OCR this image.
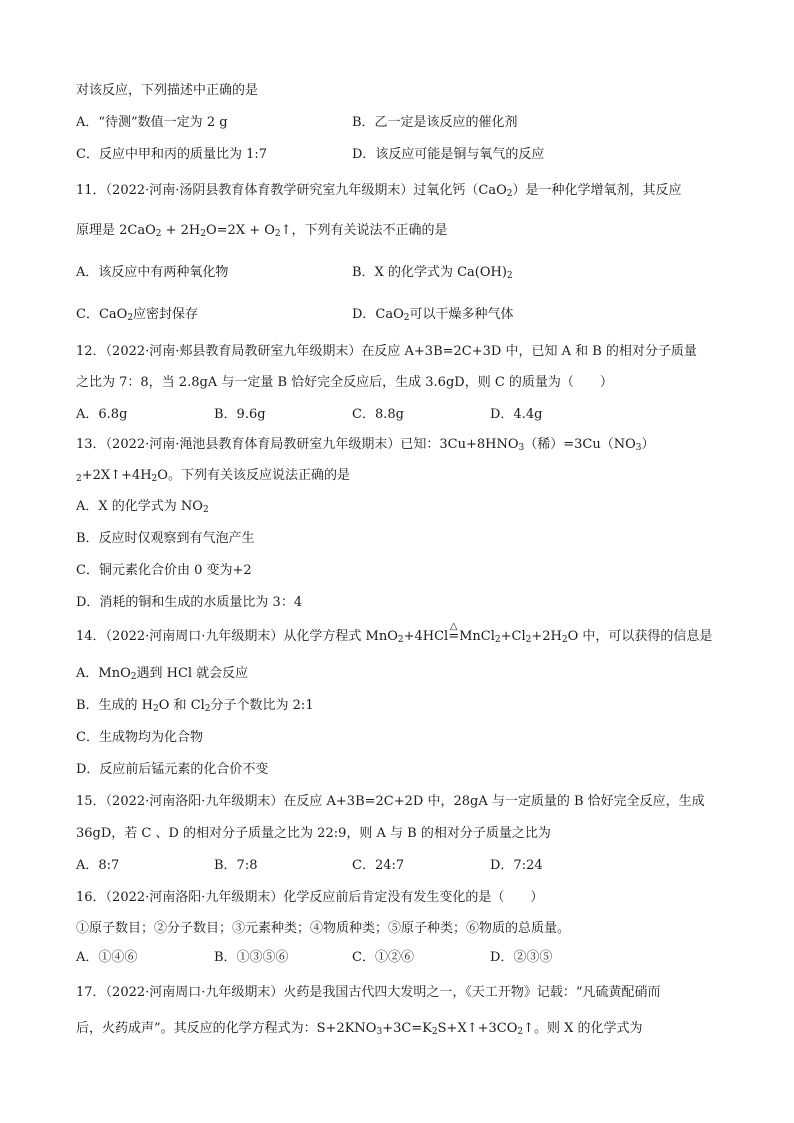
对该反应，下列描述中正确的是
A．“待测”数值一定为 2 g	B．乙一定是该反应的催化剂
C．反应中甲和丙的质量比为 1:7	D．该反应可能是铜与氧气的反应
11．（2022·河南·汤阴县教育体育教学研究室九年级期末）过氧化钙（CaO$_2$）是一种化学增氧剂，其反应
原理是 $2CaO_2 + 2H_2O=2X$ + $O_2↑$，下列有关说法不正确的是
A．该反应中有两种氧化物	B．X 的化学式为 $Ca(OH)_2$
C．CaO$_2$应密封保存	D．CaO$_2$可以干燥多种气体
12．（2022·河南·郏县教育局教研室九年级期末）在反应 A+3B=2C+3D 中，已知 A 和 B 的相对分子质量
之比为 7：8，当 2.8gA 与一定量 B 恰好完全反应后，生成 3.6gD，则 C 的质量为（　　）
A．6.8g	B．9.6g	C．8.8g	D．4.4g
13．（2022·河南·渑池县教育体育局教研室九年级期末）已知：$3Cu+8HNO_3$（稀）$=3Cu(NO_3)$
$_2+2X↑+4H_2O$。下列有关该反应说法正确的是
A．X 的化学式为 $NO_2$
B．反应时仅观察到有气泡产生
C．铜元素化合价由 0 变为+2
D．消耗的铜和生成的水质量比为 3：4
14．（2022·河南周口·九年级期末）从化学方程式 MnO$_2$+4HCl
△
$=MnCl_2+Cl_2+2H_2O$ 中，可以获得的信息是
A．MnO$_2$遇到 HCl 就会反应
B．生成的 $H_2O$ 和 $Cl_2$分子个数比为 2:1
C．生成物均为化合物
D．反应前后锰元素的化合价不变
15．（2022·河南洛阳·九年级期末）在反应 A+3B=2C+2D 中，28gA 与一定质量的 B 恰好完全反应，生成
36gD，若 C 、D 的相对分子质量之比为 22:9，则 A 与 B 的相对分子质量之比为
A．8:7	B．7:8	C．24:7	D．7:24
16．（2022·河南洛阳·九年级期末）化学反应前后肯定没有发生变化的是（　　）
①原子数目；②分子数目；③元素种类；④物质种类；⑤原子种类；⑥物质的总质量。
A．①④⑥	B．①③⑤⑥	C．①②⑥	D．②③⑤
17．（2022·河南周口·九年级期末）火药是我国古代四大发明之一，《天工开物》记载：“凡硫黄配硝而
后，火药成声”。其反应的化学方程式为：$S+2KNO_3+3C=K_2S+X↑+3CO_2↑$。则 X 的化学式为
